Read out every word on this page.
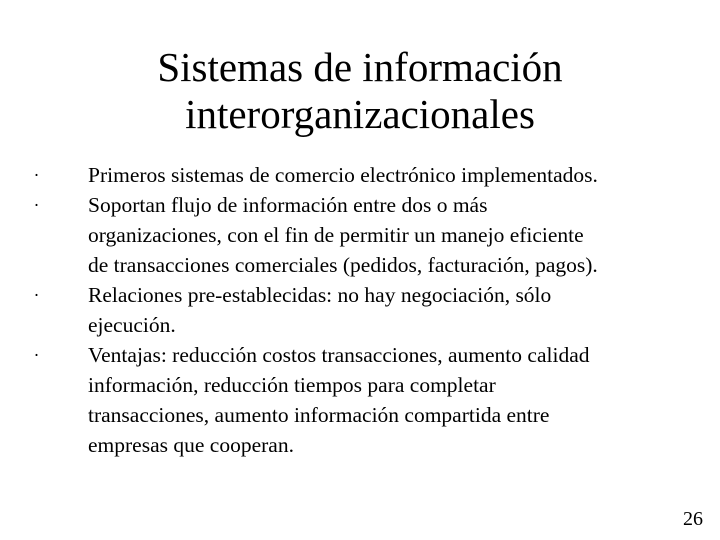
Sistemas de información
interorganizacionales
· Primeros sistemas de comercio electrónico implementados.
· Soportan flujo de información entre dos o más
organizaciones, con el fin de permitir un manejo eficiente
de transacciones comerciales (pedidos, facturación, pagos).
· Relaciones pre-establecidas: no hay negociación, sólo
ejecución.
· Ventajas: reducción costos transacciones, aumento calidad
información, reducción tiempos para completar
transacciones, aumento información compartida entre
empresas que cooperan.
26
